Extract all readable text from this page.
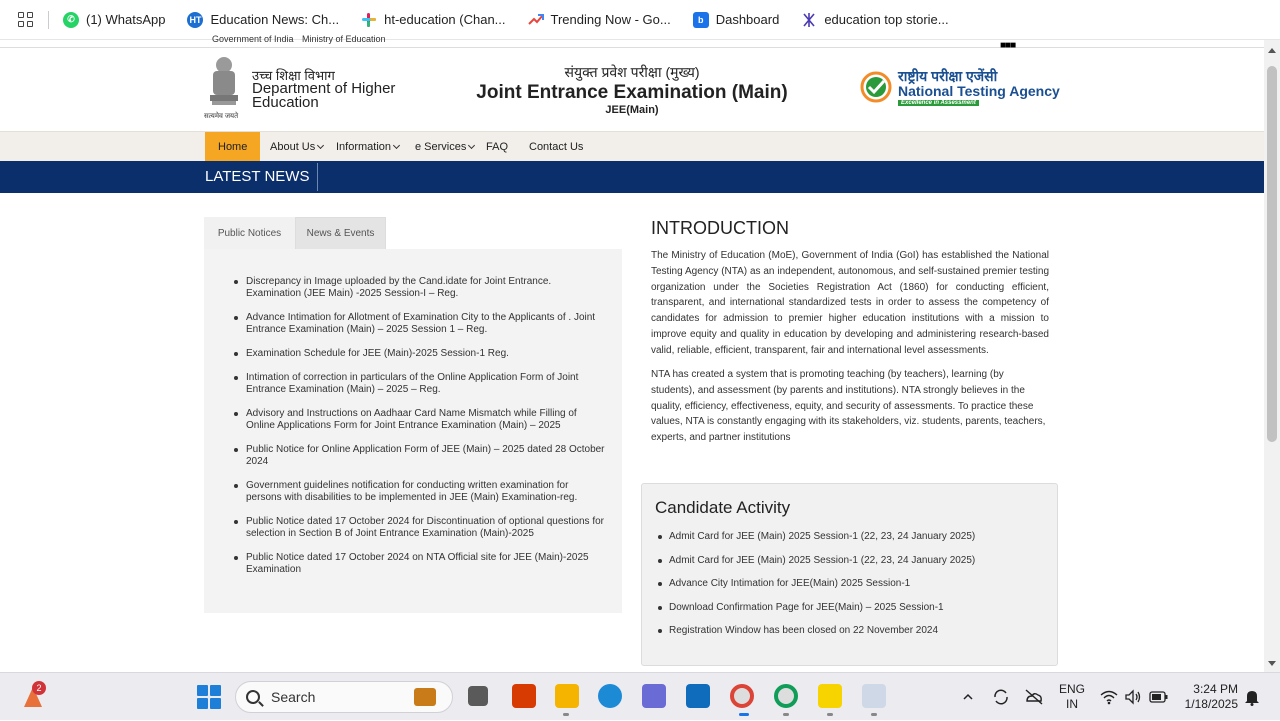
✆ (1) WhatsApp	HT Education News: Ch...	ht-education (Chan...	Trending Now - Go...	b Dashboard	education top storie...
Government of India Ministry of Education
■■■
सत्यमेव जयते
उच्च शिक्षा विभाग
Department of Higher Education
संयुक्त प्रवेश परीक्षा (मुख्य)
Joint Entrance Examination (Main)
JEE(Main)
राष्ट्रीय परीक्षा एजेंसी
National Testing Agency
Excellence in Assessment
Home About Us Information e Services FAQ Contact Us
LATEST NEWS
Public Notices	News & Events
Discrepancy in Image uploaded by the Cand.idate for Joint Entrance. Examination (JEE Main) -2025 Session-I – Reg.
Advance Intimation for Allotment of Examination City to the Applicants of . Joint Entrance Examination (Main) – 2025 Session 1 – Reg.
Examination Schedule for JEE (Main)-2025 Session-1 Reg.
Intimation of correction in particulars of the Online Application Form of Joint Entrance Examination (Main) – 2025 – Reg.
Advisory and Instructions on Aadhaar Card Name Mismatch while Filling of Online Applications Form for Joint Entrance Examination (Main) – 2025
Public Notice for Online Application Form of JEE (Main) – 2025 dated 28 October 2024
Government guidelines notification for conducting written examination for persons with disabilities to be implemented in JEE (Main) Examination-reg.
Public Notice dated 17 October 2024 for Discontinuation of optional questions for selection in Section B of Joint Entrance Examination (Main)-2025
Public Notice dated 17 October 2024 on NTA Official site for JEE (Main)-2025 Examination
INTRODUCTION
The Ministry of Education (MoE), Government of India (GoI) has established the National Testing Agency (NTA) as an independent, autonomous, and self-sustained premier testing organization under the Societies Registration Act (1860) for conducting efficient, transparent, and international standardized tests in order to assess the competency of candidates for admission to premier higher education institutions with a mission to improve equity and quality in education by developing and administering research-based valid, reliable, efficient, transparent, fair and international level assessments.
NTA has created a system that is promoting teaching (by teachers), learning (by students), and assessment (by parents and institutions). NTA strongly believes in the quality, efficiency, effectiveness, equity, and security of assessments. To practice these values, NTA is constantly engaging with its stakeholders, viz. students, parents, teachers, experts, and partner institutions
Candidate Activity
Admit Card for JEE (Main) 2025 Session-1 (22, 23, 24 January 2025)
Admit Card for JEE (Main) 2025 Session-1 (22, 23, 24 January 2025)
Advance City Intimation for JEE(Main) 2025 Session-1
Download Confirmation Page for JEE(Main) – 2025 Session-1
Registration Window has been closed on 22 November 2024
2
Search	ENG
IN
3:24 PM
1/18/2025
